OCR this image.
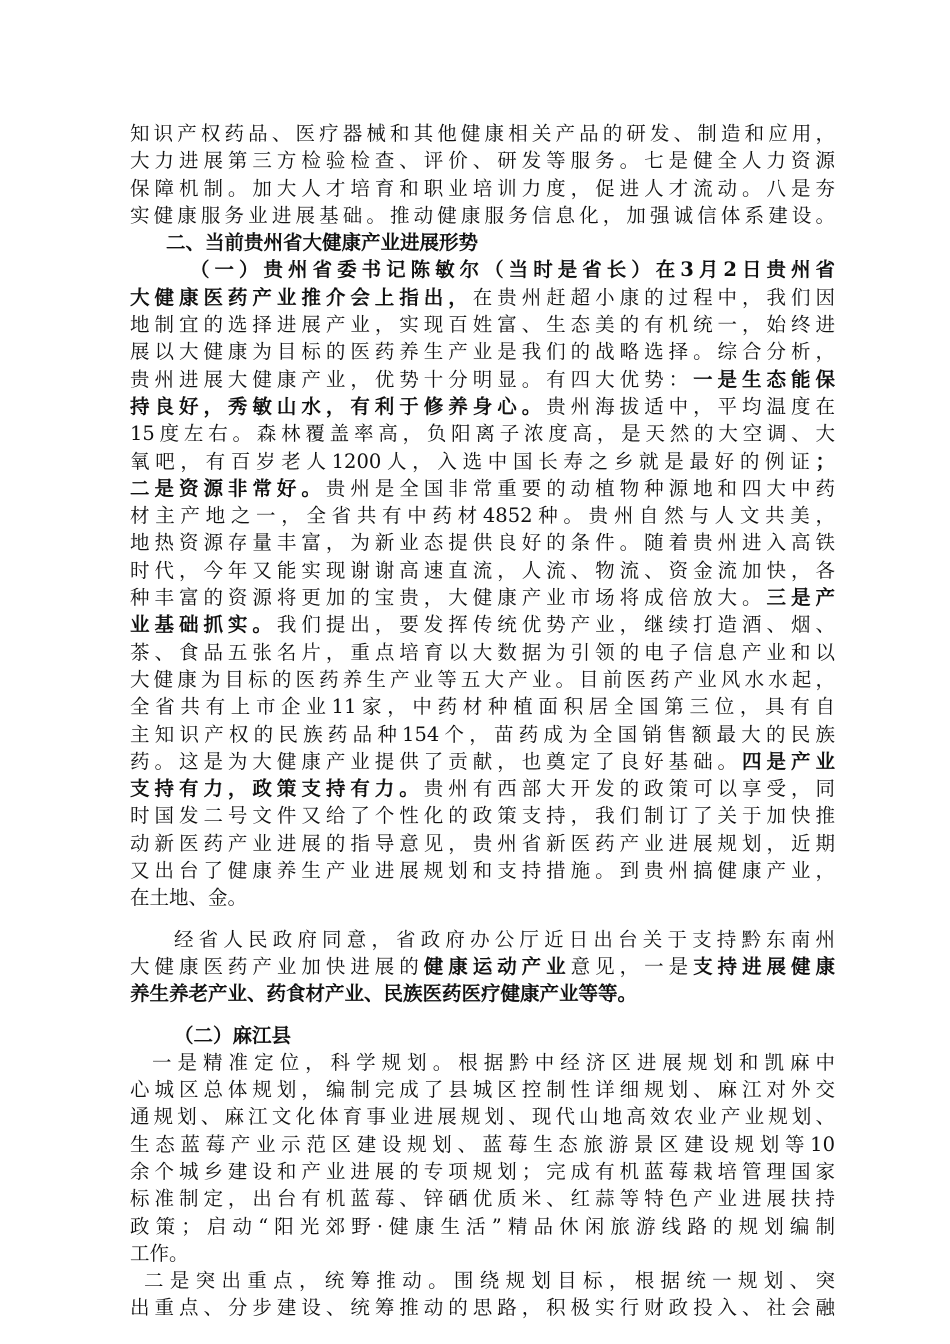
知识产权药品、医疗器械和其他健康相关产品的研发、制造和应用，
大力进展第三方检验检查、评价、研发等服务。七是健全人力资源
保障机制。加大人才培育和职业培训力度，促进人才流动。八是夯
实健康服务业进展基础。推动健康服务信息化，加强诚信体系建设。
二、当前贵州省大健康产业进展形势
（一）贵州省委书记陈敏尔（当时是省长）在3月2日贵州省
大健康医药产业推介会上指出，在贵州赶超小康的过程中，我们因
地制宜的选择进展产业，实现百姓富、生态美的有机统一，始终进
展以大健康为目标的医药养生产业是我们的战略选择。综合分析，
贵州进展大健康产业，优势十分明显。有四大优势：一是生态能保
持良好，秀敏山水，有利于修养身心。贵州海拔适中，平均温度在
15度左右。森林覆盖率高，负阳离子浓度高，是天然的大空调、大
氧吧，有百岁老人1200人，入选中国长寿之乡就是最好的例证；
二是资源非常好。贵州是全国非常重要的动植物种源地和四大中药
材主产地之一，全省共有中药材4852种。贵州自然与人文共美，
地热资源存量丰富，为新业态提供良好的条件。随着贵州进入高铁
时代，今年又能实现谢谢高速直流，人流、物流、资金流加快，各
种丰富的资源将更加的宝贵，大健康产业市场将成倍放大。三是产
业基础抓实。我们提出，要发挥传统优势产业，继续打造酒、烟、
茶、食品五张名片，重点培育以大数据为引领的电子信息产业和以
大健康为目标的医药养生产业等五大产业。目前医药产业风水水起，
全省共有上市企业11家，中药材种植面积居全国第三位，具有自
主知识产权的民族药品种154个，苗药成为全国销售额最大的民族
药。这是为大健康产业提供了贡献，也奠定了良好基础。四是产业
支持有力，政策支持有力。贵州有西部大开发的政策可以享受，同
时国发二号文件又给了个性化的政策支持，我们制订了关于加快推
动新医药产业进展的指导意见，贵州省新医药产业进展规划，近期
又出台了健康养生产业进展规划和支持措施。到贵州搞健康产业，
在土地、金。
经省人民政府同意，省政府办公厅近日出台关于支持黔东南州
大健康医药产业加快进展的健康运动产业意见，一是支持进展健康
养生养老产业、药食材产业、民族医药医疗健康产业等等。
（二）麻江县
一是精准定位，科学规划。根据黔中经济区进展规划和凯麻中
心城区总体规划，编制完成了县城区控制性详细规划、麻江对外交
通规划、麻江文化体育事业进展规划、现代山地高效农业产业规划、
生态蓝莓产业示范区建设规划、蓝莓生态旅游景区建设规划等10
余个城乡建设和产业进展的专项规划；完成有机蓝莓栽培管理国家
标准制定，出台有机蓝莓、锌硒优质米、红蒜等特色产业进展扶持
政策；启动“阳光郊野·健康生活”精品休闲旅游线路的规划编制
工作。
二是突出重点，统筹推动。围绕规划目标，根据统一规划、突
出重点、分步建设、统筹推动的思路，积极实行财政投入、社会融
